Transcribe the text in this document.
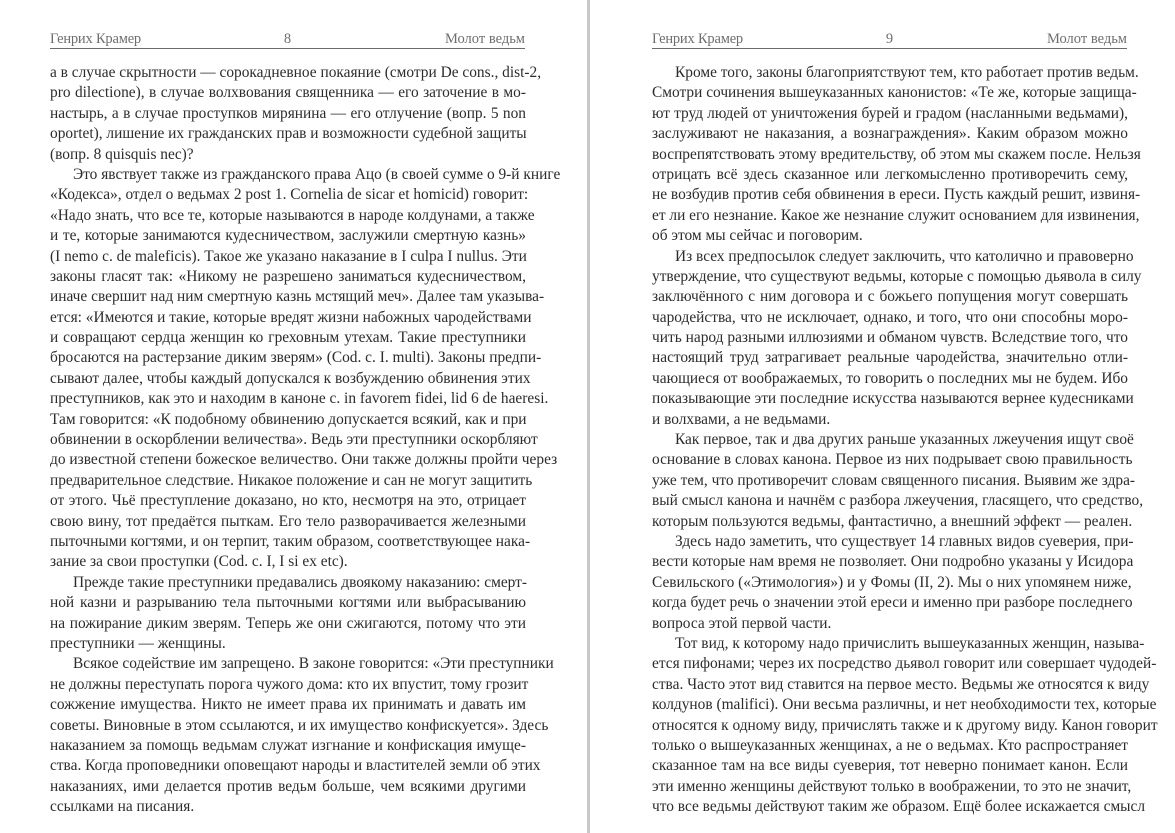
Генрих Крамер	8	Молот ведьм
а в случае скрытности — сорокадневное покаяние (смотри De cons., dist-2,
pro dilectione), в случае волхвования священника — его заточение в мо-
настырь, а в случае проступков мирянина — его отлучение (вопр. 5 non
oportet), лишение их гражданских прав и возможности судебной защиты
(вопр. 8 quisquis nec)?
Это явствует также из гражданского права Ацо (в своей сумме о 9-й книге
«Кодекса», отдел о ведьмах 2 post 1. Cornelia de sicar et homicid) говорит:
«Надо знать, что все те, которые называются в народе колдунами, а также
и те, которые занимаются кудесничеством, заслужили смертную казнь»
(I nemo c. de maleficis). Такое же указано наказание в I culpa I nullus. Эти
законы гласят так: «Никому не разрешено заниматься кудесничеством,
иначе свершит над ним смертную казнь мстящий меч». Далее там указыва-
ется: «Имеются и такие, которые вредят жизни набожных чародействами
и совращают сердца женщин ко греховным утехам. Такие преступники
бросаются на растерзание диким зверям» (Cod. c. I. multi). Законы предпи-
сывают далее, чтобы каждый допускался к возбуждению обвинения этих
преступников, как это и находим в каноне c. in favorem fidei, lid 6 de haeresi.
Там говорится: «К подобному обвинению допускается всякий, как и при
обвинении в оскорблении величества». Ведь эти преступники оскорбляют
до известной степени божеское величество. Они также должны пройти через
предварительное следствие. Никакое положение и сан не могут защитить
от этого. Чьё преступление доказано, но кто, несмотря на это, отрицает
свою вину, тот предаётся пыткам. Его тело разворачивается железными
пыточными когтями, и он терпит, таким образом, соответствующее нака-
зание за свои проступки (Cod. c. I, I si ex etc).
Прежде такие преступники предавались двоякому наказанию: смерт-
ной казни и разрыванию тела пыточными когтями или выбрасыванию
на пожирание диким зверям. Теперь же они сжигаются, потому что эти
преступники — женщины.
Всякое содействие им запрещено. В законе говорится: «Эти преступники
не должны переступать порога чужого дома: кто их впустит, тому грозит
сожжение имущества. Никто не имеет права их принимать и давать им
советы. Виновные в этом ссылаются, и их имущество конфискуется». Здесь
наказанием за помощь ведьмам служат изгнание и конфискация имуще-
ства. Когда проповедники оповещают народы и властителей земли об этих
наказаниях, ими делается против ведьм больше, чем всякими другими
ссылками на писания.
Генрих Крамер	9	Молот ведьм
Кроме того, законы благоприятствуют тем, кто работает против ведьм.
Смотри сочинения вышеуказанных канонистов: «Те же, которые защища-
ют труд людей от уничтожения бурей и градом (насланными ведьмами),
заслуживают не наказания, а вознаграждения». Каким образом можно
воспрепятствовать этому вредительству, об этом мы скажем после. Нельзя
отрицать всё здесь сказанное или легкомысленно противоречить сему,
не возбудив против себя обвинения в ереси. Пусть каждый решит, извиня-
ет ли его незнание. Какое же незнание служит основанием для извинения,
об этом мы сейчас и поговорим.
Из всех предпосылок следует заключить, что католично и правоверно
утверждение, что существуют ведьмы, которые с помощью дьявола в силу
заключённого с ним договора и с божьего попущения могут совершать
чародейства, что не исключает, однако, и того, что они способны моро-
чить народ разными иллюзиями и обманом чувств. Вследствие того, что
настоящий труд затрагивает реальные чародейства, значительно отли-
чающиеся от воображаемых, то говорить о последних мы не будем. Ибо
показывающие эти последние искусства называются вернее кудесниками
и волхвами, а не ведьмами.
Как первое, так и два других раньше указанных лжеучения ищут своё
основание в словах канона. Первое из них подрывает свою правильность
уже тем, что противоречит словам священного писания. Выявим же здра-
вый смысл канона и начнём с разбора лжеучения, гласящего, что средство,
которым пользуются ведьмы, фантастично, а внешний эффект — реален.
Здесь надо заметить, что существует 14 главных видов суеверия, при-
вести которые нам время не позволяет. Они подробно указаны у Исидора
Севильского («Этимология») и у Фомы (II, 2). Мы о них упомянем ниже,
когда будет речь о значении этой ереси и именно при разборе последнего
вопроса этой первой части.
Тот вид, к которому надо причислить вышеуказанных женщин, называ-
ется пифонами; через их посредство дьявол говорит или совершает чудодей-
ства. Часто этот вид ставится на первое место. Ведьмы же относятся к виду
колдунов (malifici). Они весьма различны, и нет необходимости тех, которые
относятся к одному виду, причислять также и к другому виду. Канон говорит
только о вышеуказанных женщинах, а не о ведьмах. Кто распространяет
сказанное там на все виды суеверия, тот неверно понимает канон. Если
эти именно женщины действуют только в воображении, то это не значит,
что все ведьмы действуют таким же образом. Ещё более искажается смысл
